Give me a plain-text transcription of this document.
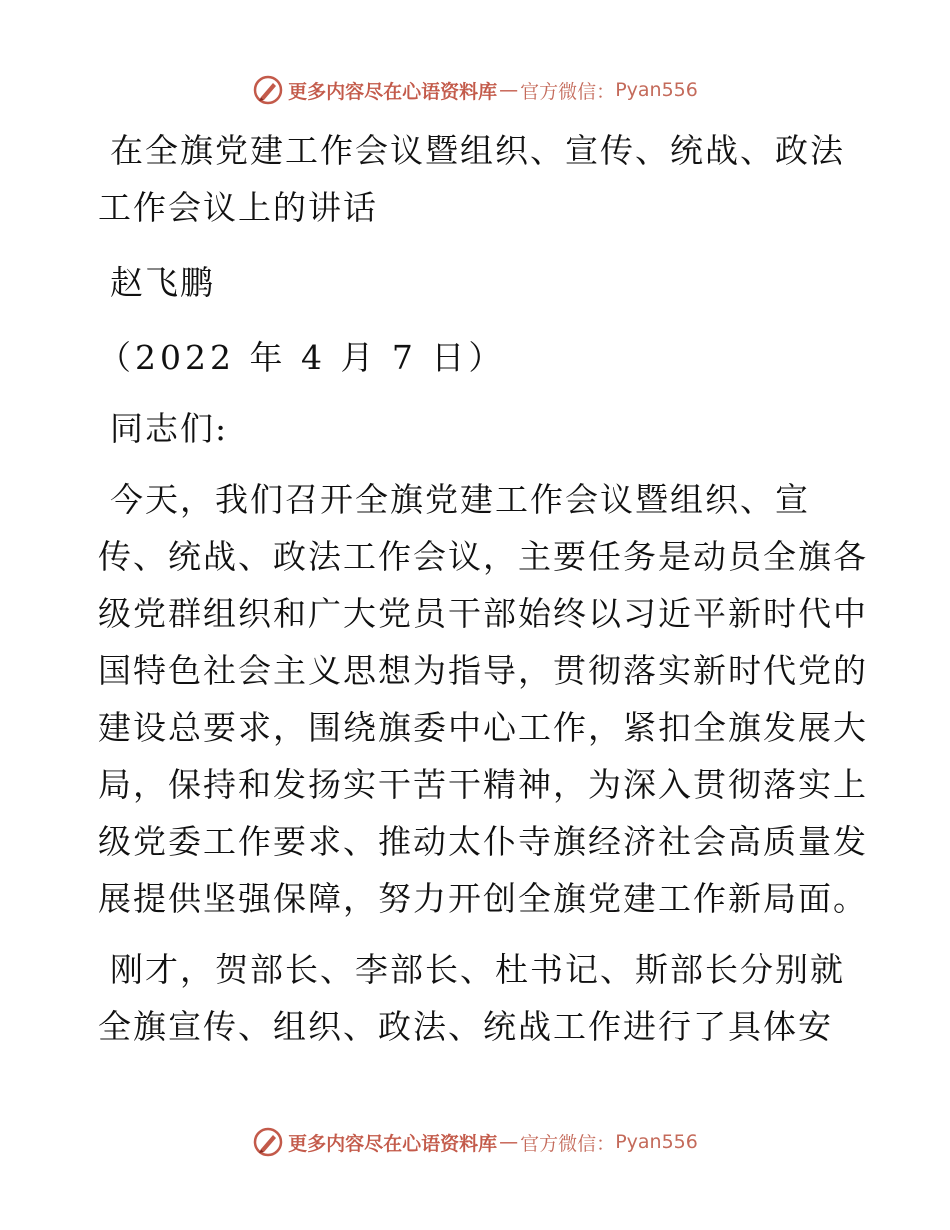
更多内容尽在心语资料库 — 官方微信： Pyan556
在全旗党建工作会议暨组织、宣传、统战、政法
工作会议上的讲话
赵飞鹏
（2022 年 4 月 7 日）
同志们:
今天，我们召开全旗党建工作会议暨组织、宣
传、统战、政法工作会议，主要任务是动员全旗各
级党群组织和广大党员干部始终以习近平新时代中
国特色社会主义思想为指导，贯彻落实新时代党的
建设总要求，围绕旗委中心工作，紧扣全旗发展大
局，保持和发扬实干苦干精神，为深入贯彻落实上
级党委工作要求、推动太仆寺旗经济社会高质量发
展提供坚强保障，努力开创全旗党建工作新局面。
刚才，贺部长、李部长、杜书记、斯部长分别就
全旗宣传、组织、政法、统战工作进行了具体安
更多内容尽在心语资料库 — 官方微信： Pyan556
